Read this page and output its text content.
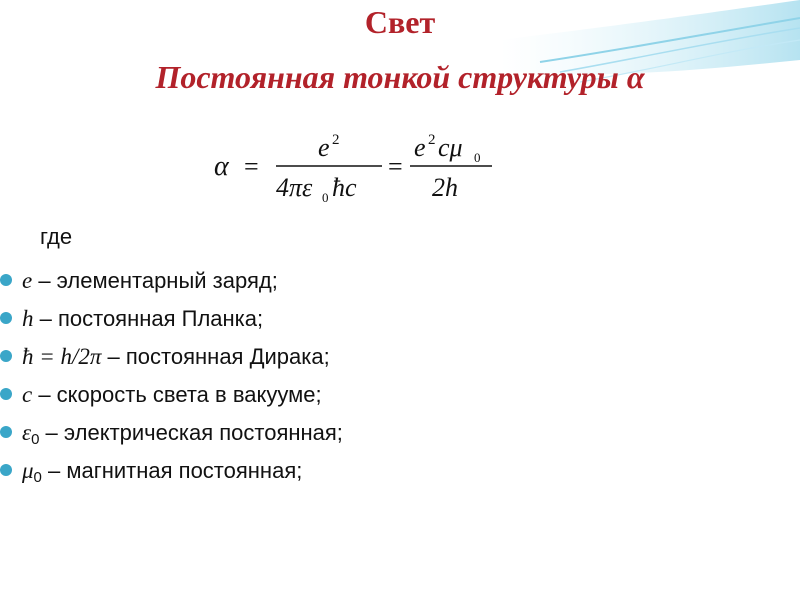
Свет
Постоянная тонкой структуры α
α =
e 2
4πε 0 ħc
=
e 2 cμ 0
2h
где
e – элементарный заряд;
h – постоянная Планка;
ħ = h/2π – постоянная Дирака;
c – скорость света в вакууме;
$\varepsilon_0$ – электрическая постоянная;
$\mu_0$ – магнитная постоянная;
